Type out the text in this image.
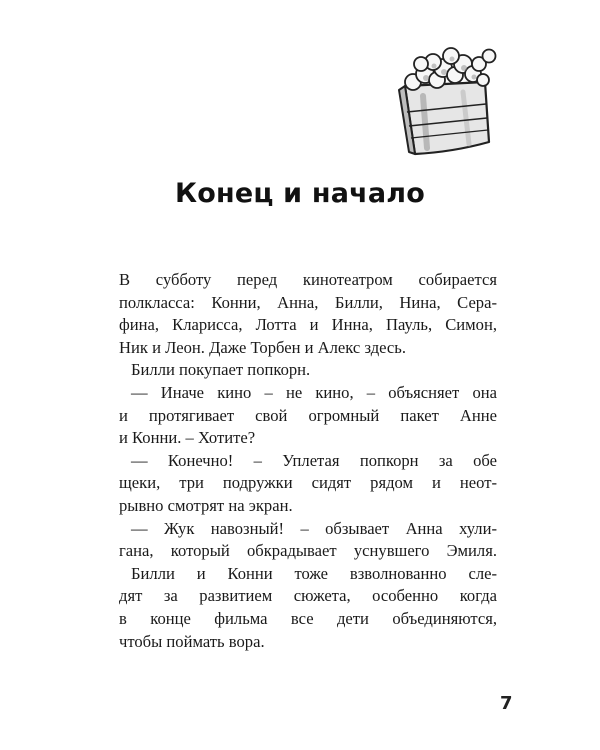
Конец и начало
В субботу перед кинотеатром собирается
полкласса: Конни, Анна, Билли, Нина, Сера-
фина, Кларисса, Лотта и Инна, Пауль, Симон,
Ник и Леон. Даже Торбен и Алекс здесь.
Билли покупает попкорн.
— Иначе кино – не кино, – объясняет она
и протягивает свой огромный пакет Анне
и Конни. – Хотите?
— Конечно! – Уплетая попкорн за обе
щеки, три подружки сидят рядом и неот-
рывно смотрят на экран.
— Жук навозный! – обзывает Анна хули-
гана, который обкрадывает уснувшего Эмиля.
Билли и Конни тоже взволнованно сле-
дят за развитием сюжета, особенно когда
в конце фильма все дети объединяются,
чтобы поймать вора.
7
